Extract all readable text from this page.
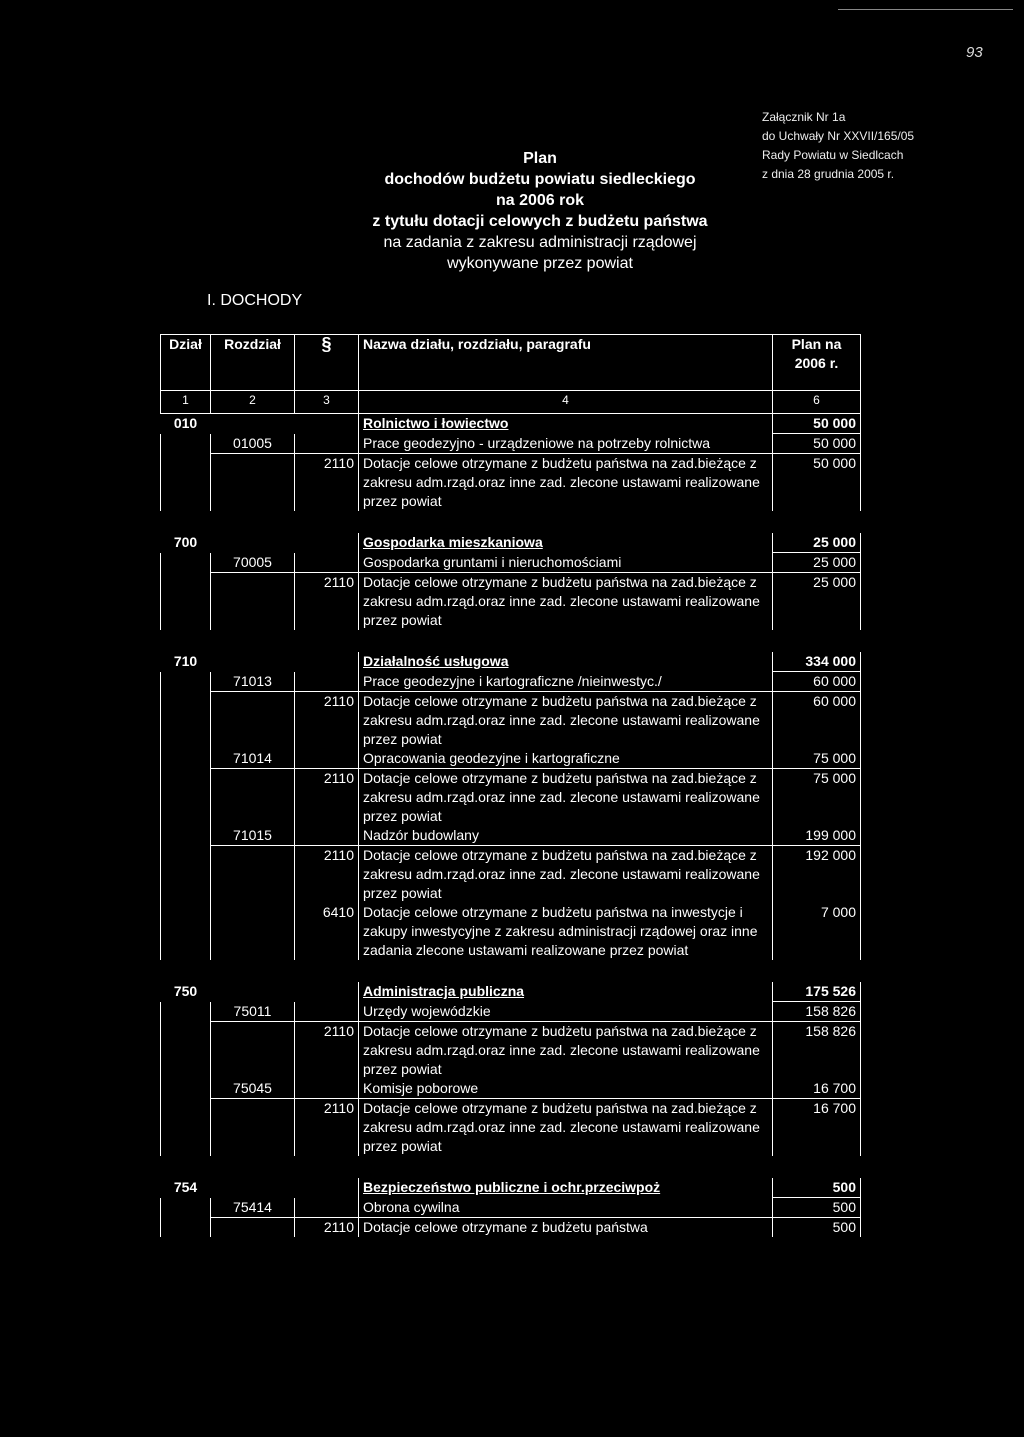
93
Plan
dochodów budżetu powiatu siedleckiego
na 2006 rok
z tytułu dotacji celowych z budżetu państwa
na zadania z zakresu administracji rządowej
wykonywane przez powiat
Załącznik Nr 1a
do Uchwały Nr XXVII/165/05
Rady Powiatu w Siedlcach
z dnia 28 grudnia 2005 r.
I. DOCHODY
Dział	Rozdział	§	Nazwa działu, rozdziału, paragrafu	Plan na 2006 r.
1	2	3	4	6
010			Rolnictwo i łowiectwo	50 000
	01005		Prace geodezyjno - urządzeniowe na potrzeby rolnictwa	50 000
		2110	Dotacje celowe otrzymane z budżetu państwa na zad.bieżące z zakresu adm.rząd.oraz inne zad. zlecone ustawami realizowane przez powiat	50 000

700			Gospodarka mieszkaniowa	25 000
	70005		Gospodarka gruntami i nieruchomościami	25 000
		2110	Dotacje celowe otrzymane z budżetu państwa na zad.bieżące z zakresu adm.rząd.oraz inne zad. zlecone ustawami realizowane przez powiat	25 000

710			Działalność usługowa	334 000
	71013		Prace geodezyjne i kartograficzne /nieinwestyc./	60 000
		2110	Dotacje celowe otrzymane z budżetu państwa na zad.bieżące z zakresu adm.rząd.oraz inne zad. zlecone ustawami realizowane przez powiat	60 000
	71014		Opracowania geodezyjne i kartograficzne	75 000
		2110	Dotacje celowe otrzymane z budżetu państwa na zad.bieżące z zakresu adm.rząd.oraz inne zad. zlecone ustawami realizowane przez powiat	75 000
	71015		Nadzór budowlany	199 000
		2110	Dotacje celowe otrzymane z budżetu państwa na zad.bieżące z zakresu adm.rząd.oraz inne zad. zlecone ustawami realizowane przez powiat	192 000
		6410	Dotacje celowe otrzymane z budżetu państwa na inwestycje i zakupy inwestycyjne z zakresu administracji rządowej oraz inne zadania zlecone ustawami realizowane przez powiat	7 000

750			Administracja publiczna	175 526
	75011		Urzędy wojewódzkie	158 826
		2110	Dotacje celowe otrzymane z budżetu państwa na zad.bieżące z zakresu adm.rząd.oraz inne zad. zlecone ustawami realizowane przez powiat	158 826
	75045		Komisje poborowe	16 700
		2110	Dotacje celowe otrzymane z budżetu państwa na zad.bieżące z zakresu adm.rząd.oraz inne zad. zlecone ustawami realizowane przez powiat	16 700

754			Bezpieczeństwo publiczne i ochr.przeciwpoż	500
	75414		Obrona cywilna	500
		2110	Dotacje celowe otrzymane z budżetu państwa	500
